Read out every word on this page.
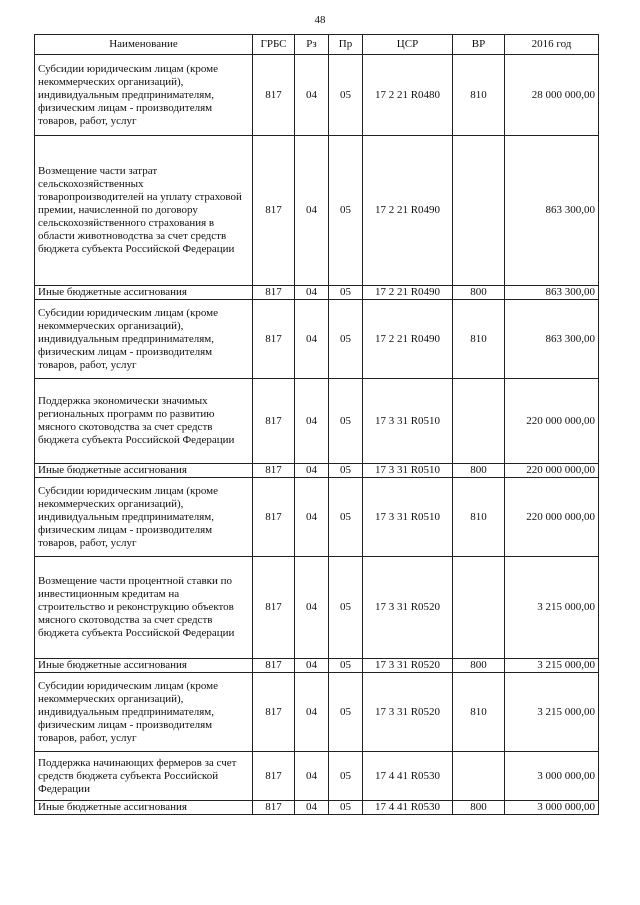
48
Наименование	ГРБС	Рз	Пр	ЦСР	ВР	2016 год
Субсидии юридическим лицам (кроме некоммерческих организаций), индивидуальным предпринимателям, физическим лицам - производителям товаров, работ, услуг	817	04	05	17 2 21 R0480	810	28 000 000,00
Возмещение части затрат сельскохозяйственных товаропроизводителей на уплату страховой премии, начисленной по договору сельскохозяйственного страхования в области животноводства за счет средств бюджета субъекта Российской Федерации	817	04	05	17 2 21 R0490		863 300,00
Иные бюджетные ассигнования	817	04	05	17 2 21 R0490	800	863 300,00
Субсидии юридическим лицам (кроме некоммерческих организаций), индивидуальным предпринимателям, физическим лицам - производителям товаров, работ, услуг	817	04	05	17 2 21 R0490	810	863 300,00
Поддержка экономически значимых региональных программ по развитию мясного скотоводства за счет средств бюджета субъекта Российской Федерации	817	04	05	17 3 31 R0510		220 000 000,00
Иные бюджетные ассигнования	817	04	05	17 3 31 R0510	800	220 000 000,00
Субсидии юридическим лицам (кроме некоммерческих организаций), индивидуальным предпринимателям, физическим лицам - производителям товаров, работ, услуг	817	04	05	17 3 31 R0510	810	220 000 000,00
Возмещение части процентной ставки по инвестиционным кредитам на строительство и реконструкцию объектов мясного скотоводства за счет средств бюджета субъекта Российской Федерации	817	04	05	17 3 31 R0520		3 215 000,00
Иные бюджетные ассигнования	817	04	05	17 3 31 R0520	800	3 215 000,00
Субсидии юридическим лицам (кроме некоммерческих организаций), индивидуальным предпринимателям, физическим лицам - производителям товаров, работ, услуг	817	04	05	17 3 31 R0520	810	3 215 000,00
Поддержка начинающих фермеров за счет средств бюджета субъекта Российской Федерации	817	04	05	17 4 41 R0530		3 000 000,00
Иные бюджетные ассигнования	817	04	05	17 4 41 R0530	800	3 000 000,00
